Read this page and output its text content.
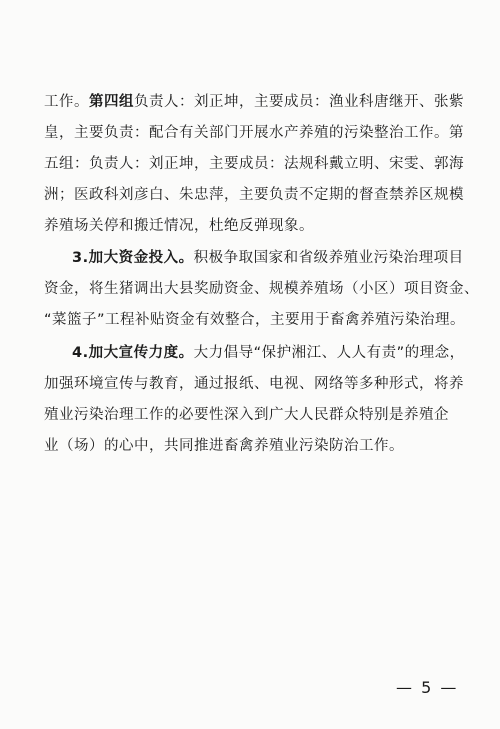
工作。第四组负责人：刘正坤，主要成员：渔业科唐继开、张紫
皇，主要负责：配合有关部门开展水产养殖的污染整治工作。第
五组：负责人：刘正坤，主要成员：法规科戴立明、宋雯、郭海
洲；医政科刘彦白、朱忠萍，主要负责不定期的督查禁养区规模
养殖场关停和搬迁情况，杜绝反弹现象。
3.加大资金投入。积极争取国家和省级养殖业污染治理项目
资金，将生猪调出大县奖励资金、规模养殖场（小区）项目资金、
“菜篮子”工程补贴资金有效整合，主要用于畜禽养殖污染治理。
4.加大宣传力度。大力倡导“保护湘江、人人有责”的理念，
加强环境宣传与教育，通过报纸、电视、网络等多种形式，将养
殖业污染治理工作的必要性深入到广大人民群众特别是养殖企
业（场）的心中，共同推进畜禽养殖业污染防治工作。
— 5 —
